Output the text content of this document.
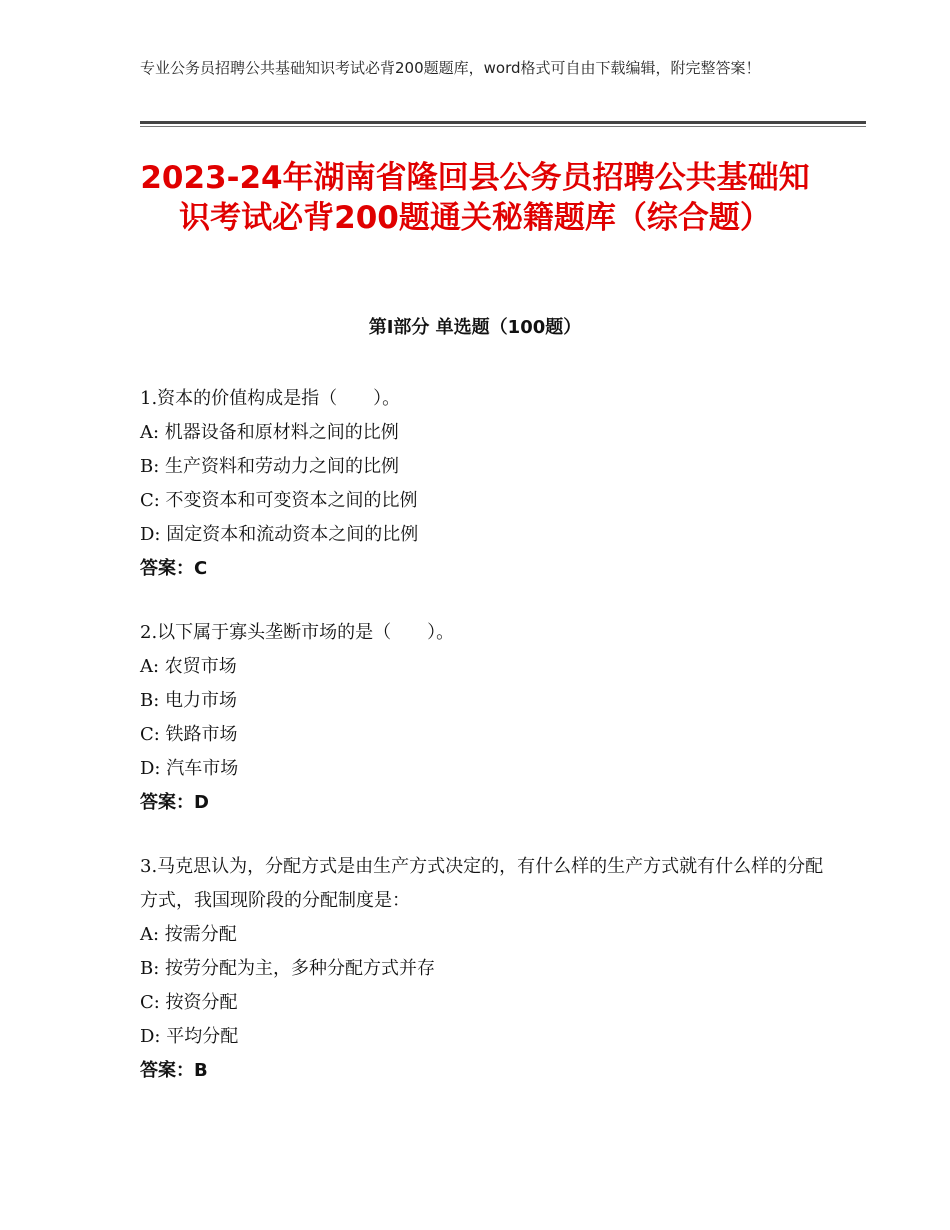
专业公务员招聘公共基础知识考试必背200题题库，word格式可自由下载编辑，附完整答案！
2023-24年湖南省隆回县公务员招聘公共基础知识考试必背200题通关秘籍题库（综合题）
第I部分 单选题（100题）

1.资本的价值构成是指（　　）。

A: 机器设备和原材料之间的比例

B: 生产资料和劳动力之间的比例

C: 不变资本和可变资本之间的比例

D: 固定资本和流动资本之间的比例

答案：C

2.以下属于寡头垄断市场的是（　　）。

A: 农贸市场

B: 电力市场

C: 铁路市场

D: 汽车市场

答案：D

3.马克思认为，分配方式是由生产方式决定的，有什么样的生产方式就有什么样的分配方式，我国现阶段的分配制度是：

A: 按需分配

B: 按劳分配为主，多种分配方式并存

C: 按资分配

D: 平均分配

答案：B
